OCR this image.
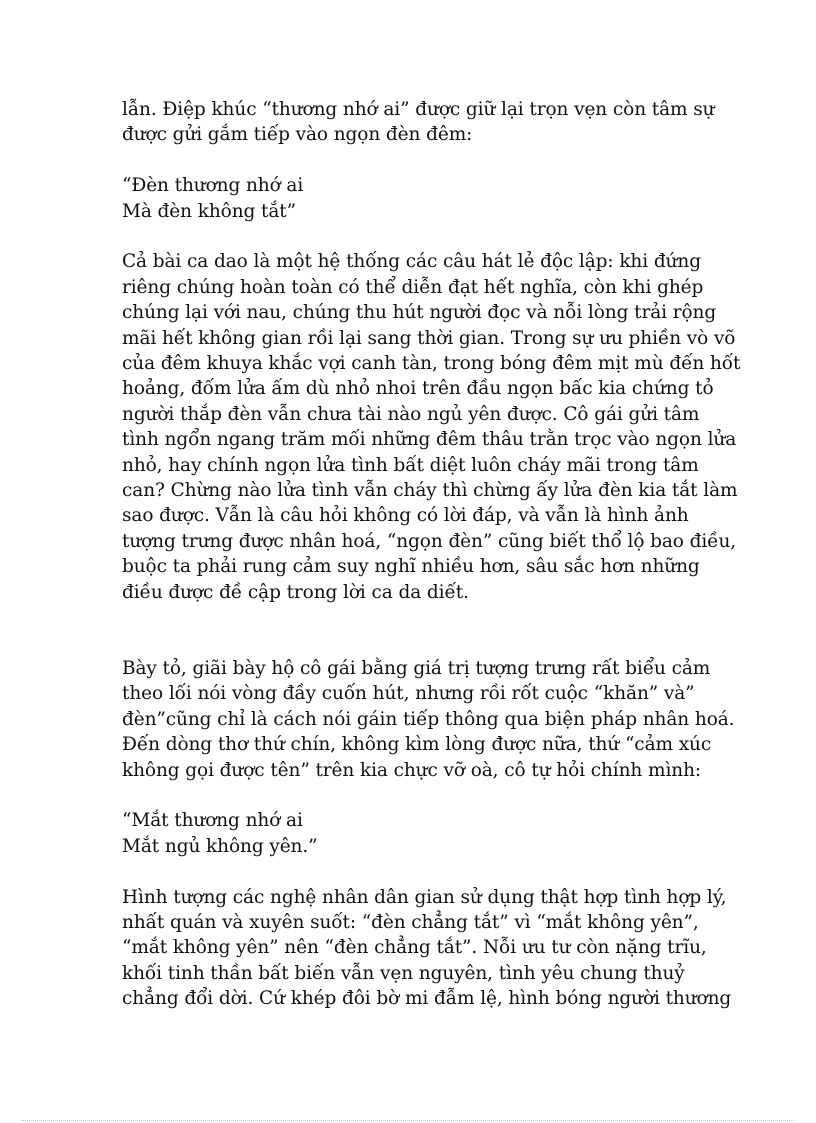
lẫn. Điệp khúc “thương nhớ ai” được giữ lại trọn vẹn còn tâm sự
được gửi gắm tiếp vào ngọn đèn đêm:
“Đèn thương nhớ ai
Mà đèn không tắt”
Cả bài ca dao là một hệ thống các câu hát lẻ độc lập: khi đứng
riêng chúng hoàn toàn có thể diễn đạt hết nghĩa, còn khi ghép
chúng lại với nau, chúng thu hút người đọc và nỗi lòng trải rộng
mãi hết không gian rồi lại sang thời gian. Trong sự ưu phiền vò võ
của đêm khuya khắc vợi canh tàn, trong bóng đêm mịt mù đến hốt
hoảng, đốm lửa ấm dù nhỏ nhoi trên đầu ngọn bấc kia chứng tỏ
người thắp đèn vẫn chưa tài nào ngủ yên được. Cô gái gửi tâm
tình ngổn ngang trăm mối những đêm thâu trằn trọc vào ngọn lửa
nhỏ, hay chính ngọn lửa tình bất diệt luôn cháy mãi trong tâm
can? Chừng nào lửa tình vẫn cháy thì chừng ấy lửa đèn kia tắt làm
sao được. Vẫn là câu hỏi không có lời đáp, và vẫn là hình ảnh
tượng trưng được nhân hoá, “ngọn đèn” cũng biết thổ lộ bao điều,
buộc ta phải rung cảm suy nghĩ nhiều hơn, sâu sắc hơn những
điều được đề cập trong lời ca da diết.
Bày tỏ, giãi bày hộ cô gái bằng giá trị tượng trưng rất biểu cảm
theo lối nói vòng đầy cuốn hút, nhưng rồi rốt cuộc “khăn” và”
đèn”cũng chỉ là cách nói gáin tiếp thông qua biện pháp nhân hoá.
Đến dòng thơ thứ chín, không kìm lòng được nữa, thứ “cảm xúc
không gọi được tên” trên kia chực vỡ oà, cô tự hỏi chính mình:
“Mắt thương nhớ ai
Mắt ngủ không yên.”
Hình tượng các nghệ nhân dân gian sử dụng thật hợp tình hợp lý,
nhất quán và xuyên suốt: “đèn chẳng tắt” vì “mắt không yên”,
“mắt không yên” nên “đèn chẳng tắt”. Nỗi ưu tư còn nặng trĩu,
khối tinh thần bất biến vẫn vẹn nguyên, tình yêu chung thuỷ
chẳng đổi dời. Cứ khép đôi bờ mi đẫm lệ, hình bóng người thương
